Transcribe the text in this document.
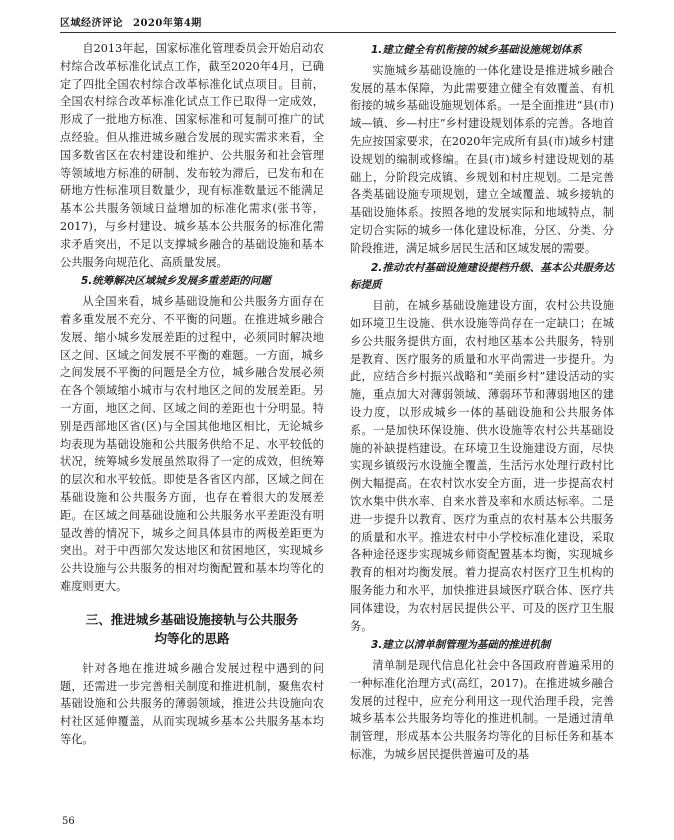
区域经济评论 2020年第4期

自2013年起，国家标准化管理委员会开始启动农村综合改革标准化试点工作，截至2020年4月，已确定了四批全国农村综合改革标准化试点项目。目前，全国农村综合改革标准化试点工作已取得一定成效，形成了一批地方标准、国家标准和可复制可推广的试点经验。但从推进城乡融合发展的现实需求来看，全国多数省区在农村建设和维护、公共服务和社会管理等领域地方标准的研制、发布较为滞后，已发布和在研地方性标准项目数量少，现有标准数量远不能满足基本公共服务领域日益增加的标准化需求(张书等，2017)，与乡村建设、城乡基本公共服务的标准化需求矛盾突出，不足以支撑城乡融合的基础设施和基本公共服务向规范化、高质量发展。

5.统筹解决区域城乡发展多重差距的问题

从全国来看，城乡基础设施和公共服务方面存在着多重发展不充分、不平衡的问题。在推进城乡融合发展、缩小城乡发展差距的过程中，必须同时解决地区之间、区域之间发展不平衡的难题。一方面，城乡之间发展不平衡的问题是全方位，城乡融合发展必须在各个领域缩小城市与农村地区之间的发展差距。另一方面，地区之间、区域之间的差距也十分明显。特别是西部地区省(区)与全国其他地区相比，无论城乡均表现为基础设施和公共服务供给不足、水平较低的状况，统筹城乡发展虽然取得了一定的成效，但统筹的层次和水平较低。即使是各省区内部，区域之间在基础设施和公共服务方面，也存在着很大的发展差距。在区域之间基础设施和公共服务水平差距没有明显改善的情况下，城乡之间具体县市的两极差距更为突出。对于中西部欠发达地区和贫困地区，实现城乡公共设施与公共服务的相对均衡配置和基本均等化的难度则更大。

三、推进城乡基础设施接轨与公共服务
均等化的思路

针对各地在推进城乡融合发展过程中遇到的问题，还需进一步完善相关制度和推进机制，聚焦农村基础设施和公共服务的薄弱领域，推进公共设施向农村社区延伸覆盖，从而实现城乡基本公共服务基本均等化。

1.建立健全有机衔接的城乡基础设施规划体系

实施城乡基础设施的一体化建设是推进城乡融合发展的基本保障，为此需要建立健全有效覆盖、有机衔接的城乡基础设施规划体系。一是全面推进“县(市)域—镇、乡—村庄”乡村建设规划体系的完善。各地首先应按国家要求，在2020年完成所有县(市)域乡村建设规划的编制或修编。在县(市)域乡村建设规划的基础上，分阶段完成镇、乡规划和村庄规划。二是完善各类基础设施专项规划，建立全域覆盖、城乡接轨的基础设施体系。按照各地的发展实际和地域特点，制定切合实际的城乡一体化建设标准，分区、分类、分阶段推进，满足城乡居民生活和区域发展的需要。

2.推动农村基础设施建设提档升级、基本公共服务达标提质

目前，在城乡基础设施建设方面，农村公共设施如环境卫生设施、供水设施等尚存在一定缺口；在城乡公共服务提供方面，农村地区基本公共服务，特别是教育、医疗服务的质量和水平尚需进一步提升。为此，应结合乡村振兴战略和“美丽乡村”建设活动的实施，重点加大对薄弱领域、薄弱环节和薄弱地区的建设力度，以形成城乡一体的基础设施和公共服务体系。一是加快环保设施、供水设施等农村公共基础设施的补缺提档建设。在环境卫生设施建设方面，尽快实现乡镇级污水设施全覆盖，生活污水处理行政村比例大幅提高。在农村饮水安全方面，进一步提高农村饮水集中供水率、自来水普及率和水质达标率。二是进一步提升以教育、医疗为重点的农村基本公共服务的质量和水平。推进农村中小学校标准化建设，采取各种途径逐步实现城乡师资配置基本均衡，实现城乡教育的相对均衡发展。着力提高农村医疗卫生机构的服务能力和水平，加快推进县域医疗联合体、医疗共同体建设，为农村居民提供公平、可及的医疗卫生服务。

3.建立以清单制管理为基础的推进机制

清单制是现代信息化社会中各国政府普遍采用的一种标准化治理方式(高红，2017)。在推进城乡融合发展的过程中，应充分利用这一现代治理手段，完善城乡基本公共服务均等化的推进机制。一是通过清单制管理，形成基本公共服务均等化的目标任务和基本标准，为城乡居民提供普遍可及的基

56
